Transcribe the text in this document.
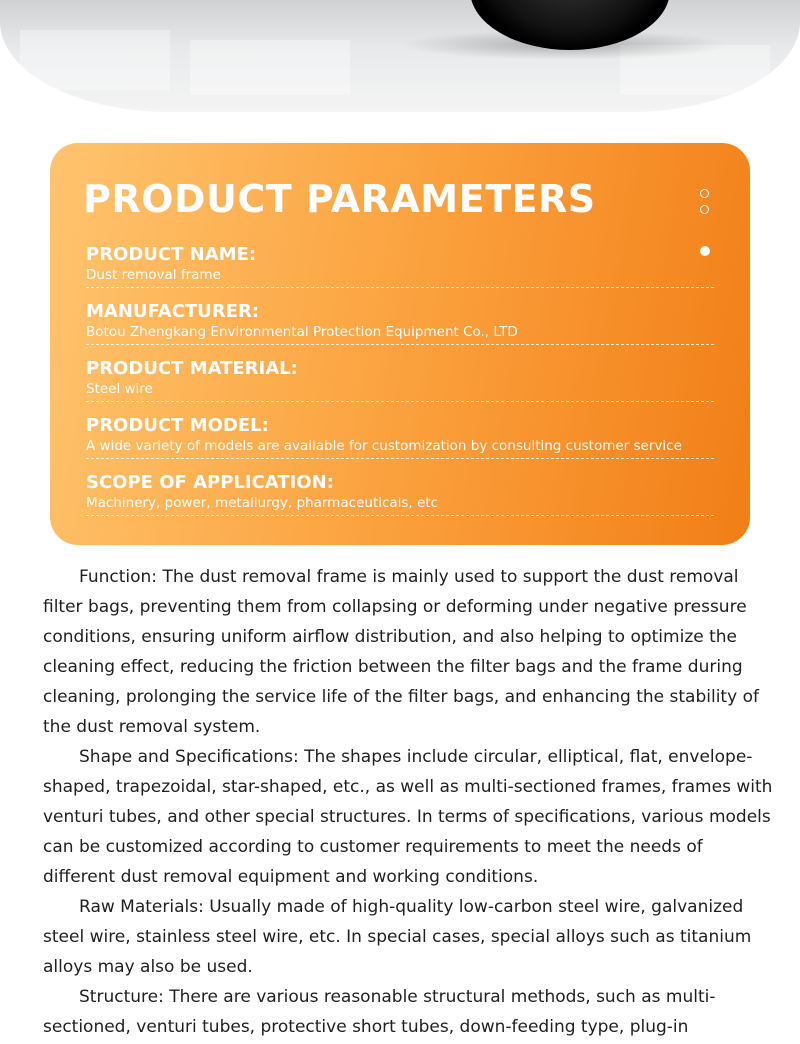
PRODUCT PARAMETERS
PRODUCT NAME:
Dust removal frame
MANUFACTURER:
Botou Zhengkang Environmental Protection Equipment Co., LTD
PRODUCT MATERIAL:
Steel wire
PRODUCT MODEL:
A wide variety of models are available for customization by consulting customer service
SCOPE OF APPLICATION:
Machinery, power, metallurgy, pharmaceuticals, etc

Function: The dust removal frame is mainly used to support the dust removal filter bags, preventing them from collapsing or deforming under negative pressure conditions, ensuring uniform airflow distribution, and also helping to optimize the cleaning effect, reducing the friction between the filter bags and the frame during cleaning, prolonging the service life of the filter bags, and enhancing the stability of the dust removal system.

Shape and Specifications: The shapes include circular, elliptical, flat, envelope-shaped, trapezoidal, star-shaped, etc., as well as multi-sectioned frames, frames with venturi tubes, and other special structures. In terms of specifications, various models can be customized according to customer requirements to meet the needs of different dust removal equipment and working conditions.

Raw Materials: Usually made of high-quality low-carbon steel wire, galvanized steel wire, stainless steel wire, etc. In special cases, special alloys such as titanium alloys may also be used.

Structure: There are various reasonable structural methods, such as multi-sectioned, venturi tubes, protective short tubes, down-feeding type, plug-in
